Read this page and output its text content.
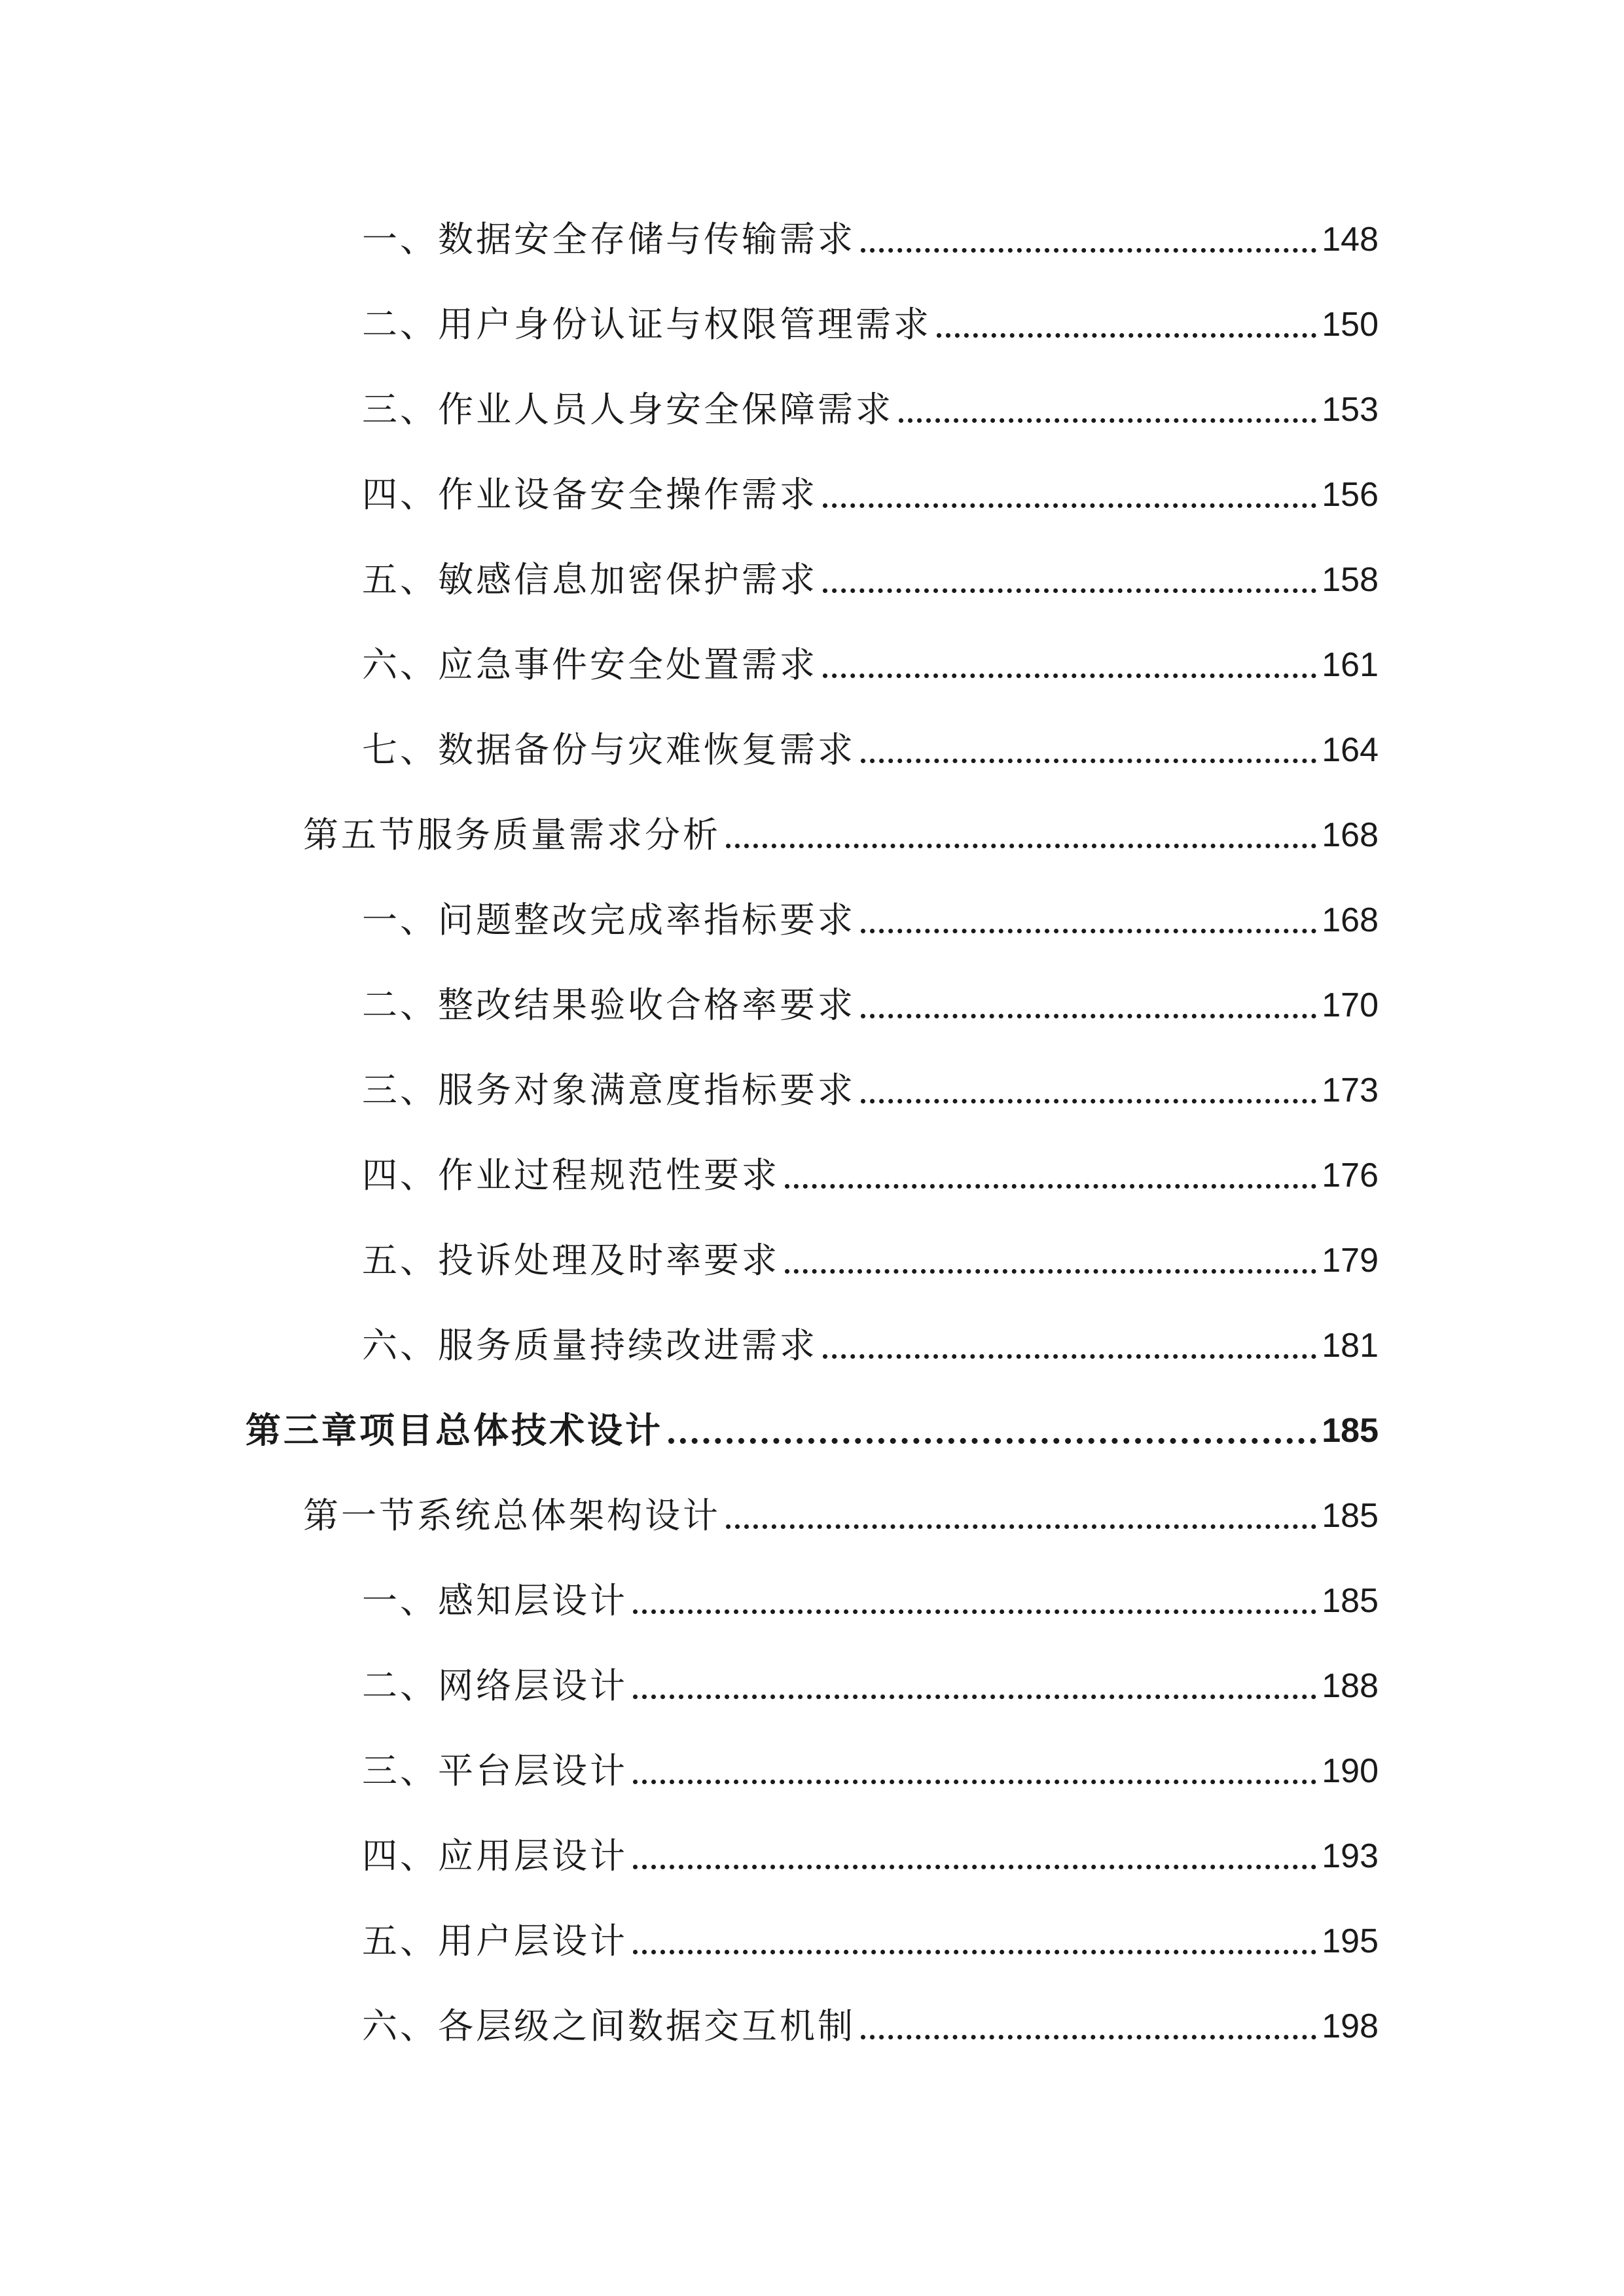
一、数据安全存储与传输需求	148
二、用户身份认证与权限管理需求	150
三、作业人员人身安全保障需求	153
四、作业设备安全操作需求	156
五、敏感信息加密保护需求	158
六、应急事件安全处置需求	161
七、数据备份与灾难恢复需求	164
第五节服务质量需求分析	168
一、问题整改完成率指标要求	168
二、整改结果验收合格率要求	170
三、服务对象满意度指标要求	173
四、作业过程规范性要求	176
五、投诉处理及时率要求	179
六、服务质量持续改进需求	181
第三章项目总体技术设计	185
第一节系统总体架构设计	185
一、感知层设计	185
二、网络层设计	188
三、平台层设计	190
四、应用层设计	193
五、用户层设计	195
六、各层级之间数据交互机制	198
